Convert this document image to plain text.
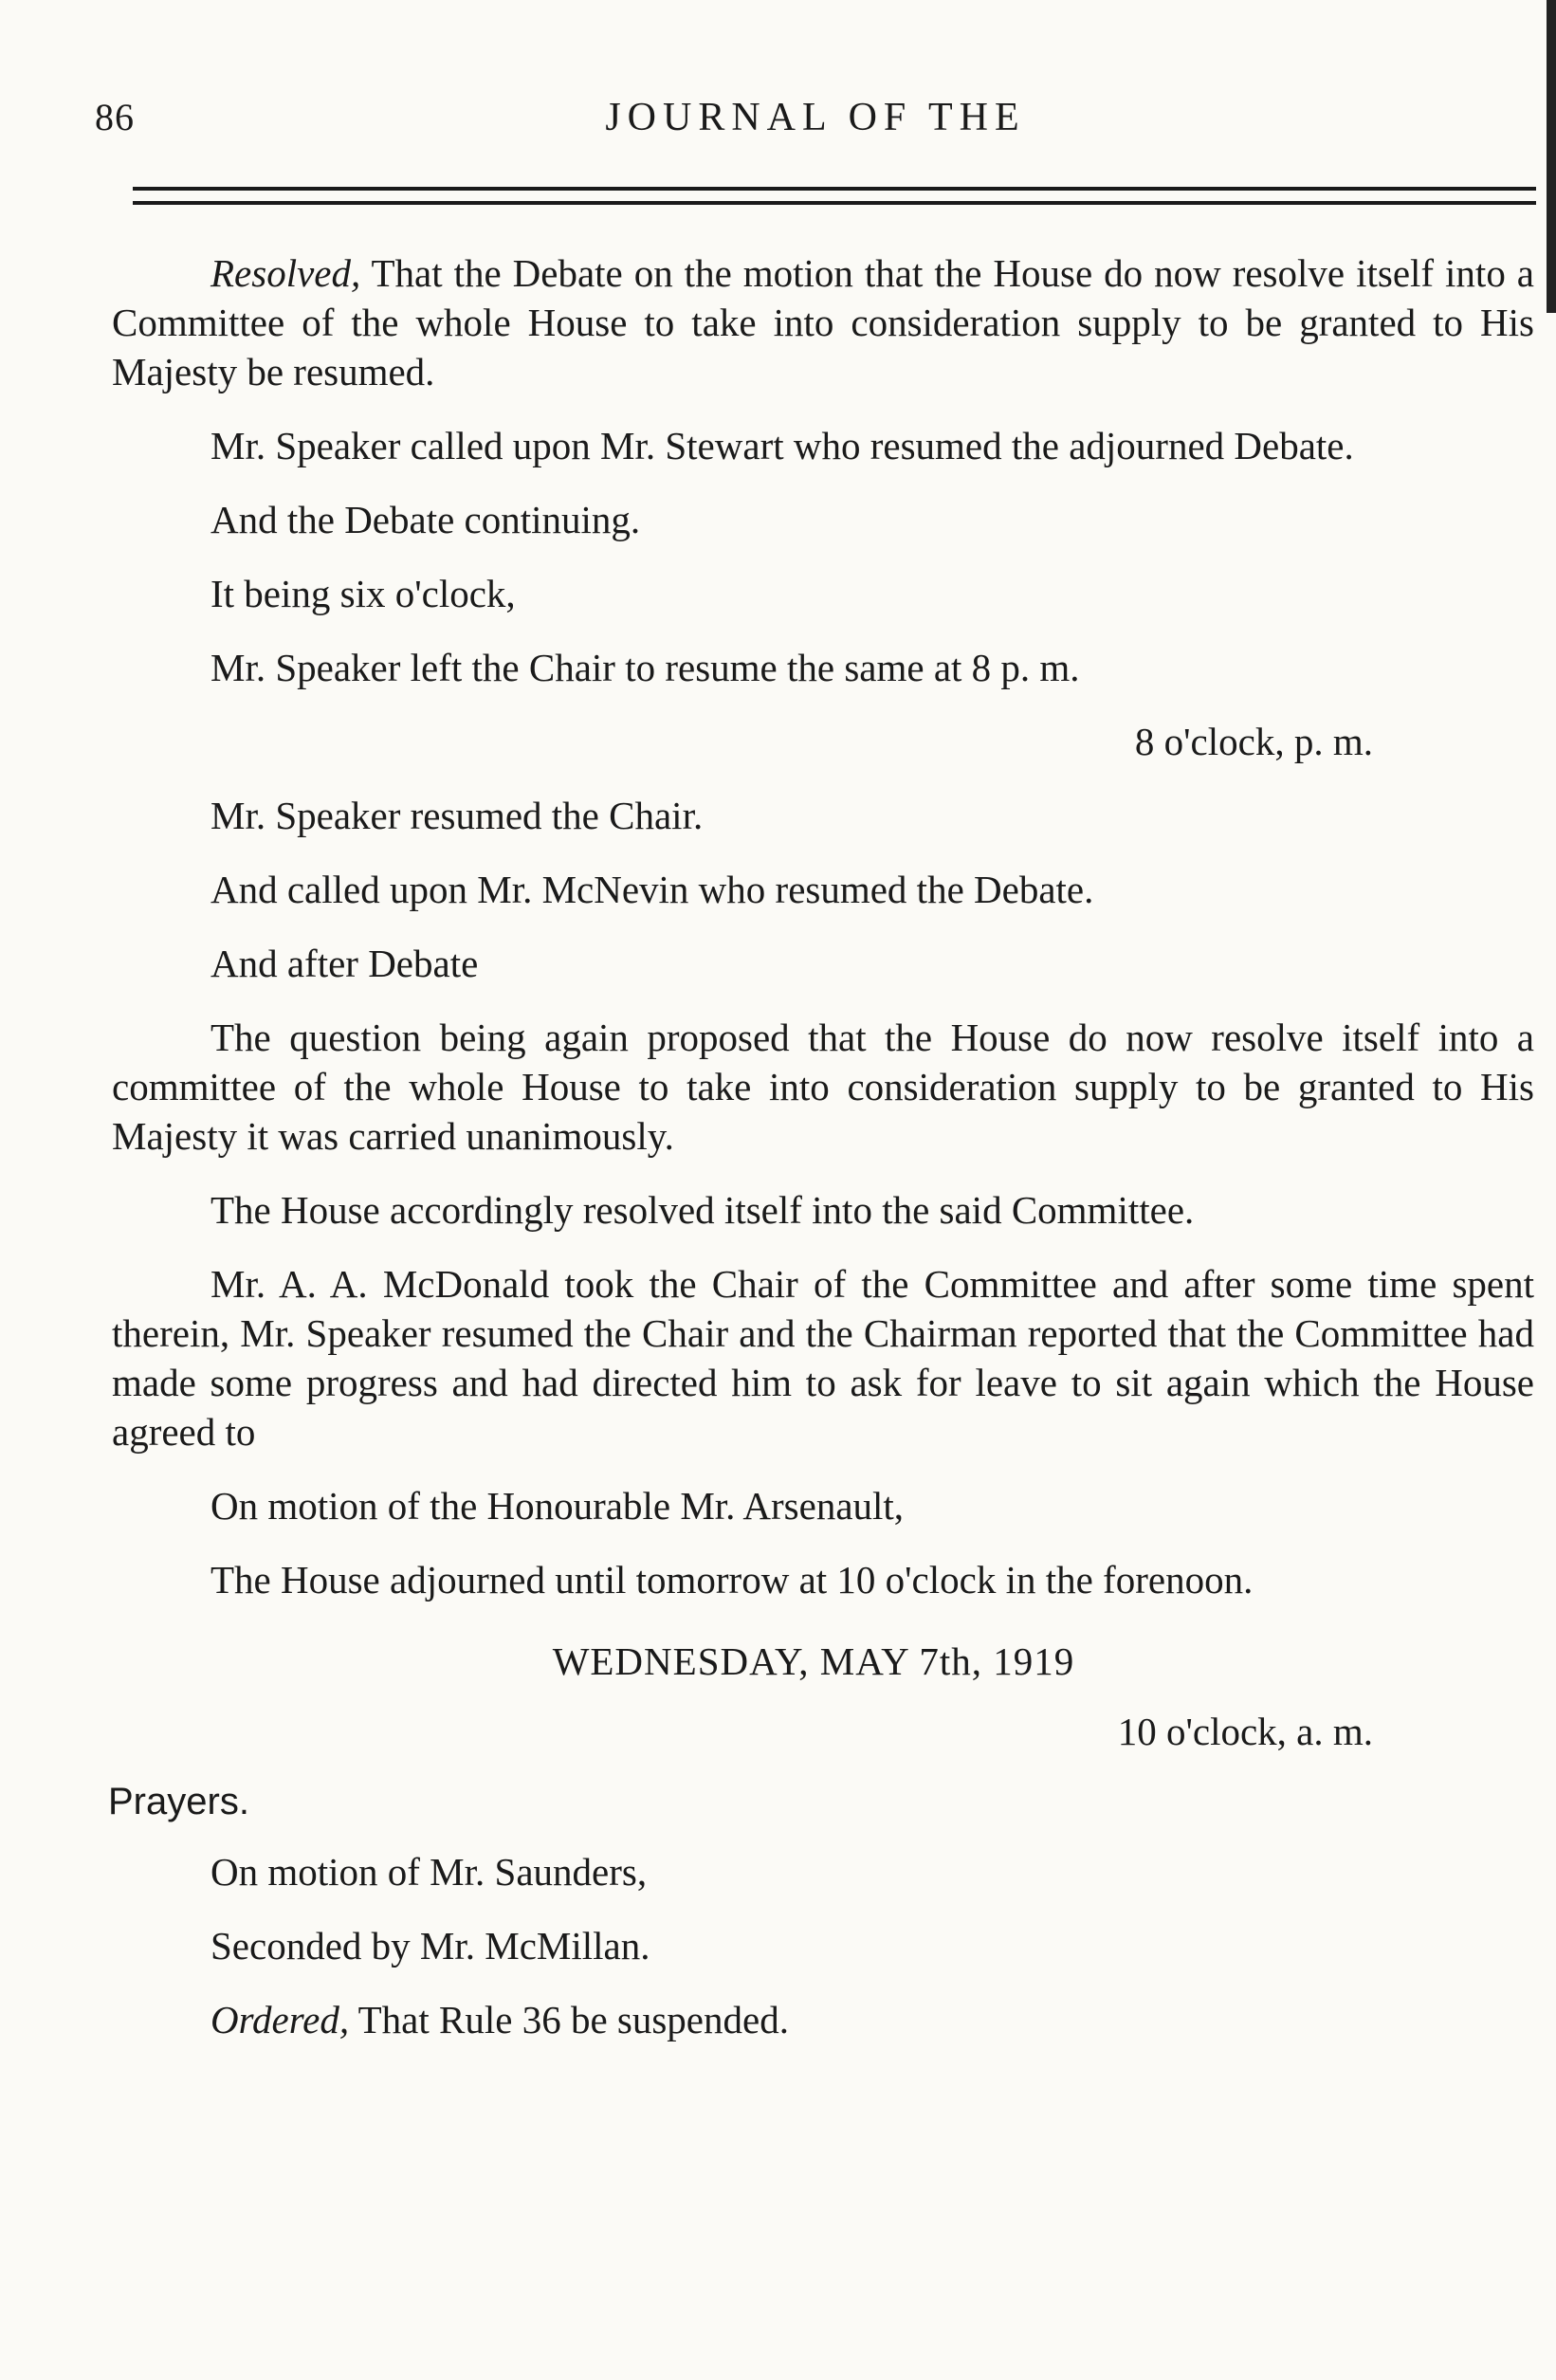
86	JOURNAL OF THE

Resolved, That the Debate on the motion that the House do now resolve itself into a Committee of the whole House to take into consideration supply to be granted to His Majesty be resumed.

Mr. Speaker called upon Mr. Stewart who resumed the adjourned Debate.

And the Debate continuing.

It being six o'clock,

Mr. Speaker left the Chair to resume the same at 8 p. m.

8 o'clock, p. m.

Mr. Speaker resumed the Chair.

And called upon Mr. McNevin who resumed the Debate.

And after Debate

The question being again proposed that the House do now resolve itself into a committee of the whole House to take into consideration supply to be granted to His Majesty it was carried unanimously.

The House accordingly resolved itself into the said Committee.

Mr. A. A. McDonald took the Chair of the Committee and after some time spent therein, Mr. Speaker resumed the Chair and the Chairman reported that the Committee had made some progress and had directed him to ask for leave to sit again which the House agreed to

On motion of the Honourable Mr. Arsenault,

The House adjourned until tomorrow at 10 o'clock in the forenoon.

WEDNESDAY, MAY 7th, 1919

10 o'clock, a. m.

Prayers.

On motion of Mr. Saunders,

Seconded by Mr. McMillan.

Ordered, That Rule 36 be suspended.
